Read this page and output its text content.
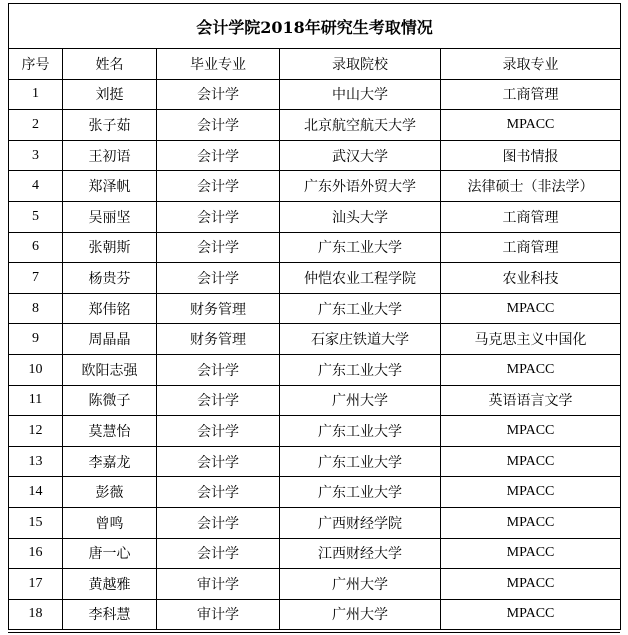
会计学院2018年研究生考取情况				
序号	姓名	毕业专业	录取院校	录取专业
1	刘挺	会计学	中山大学	工商管理
2	张子茹	会计学	北京航空航天大学	MPACC
3	王初语	会计学	武汉大学	图书情报
4	郑泽帆	会计学	广东外语外贸大学	法律硕士（非法学）
5	吴丽坚	会计学	汕头大学	工商管理
6	张朝斯	会计学	广东工业大学	工商管理
7	杨贵芬	会计学	仲恺农业工程学院	农业科技
8	郑伟铭	财务管理	广东工业大学	MPACC
9	周晶晶	财务管理	石家庄铁道大学	马克思主义中国化
10	欧阳志强	会计学	广东工业大学	MPACC
11	陈微子	会计学	广州大学	英语语言文学
12	莫慧怡	会计学	广东工业大学	MPACC
13	李嘉龙	会计学	广东工业大学	MPACC
14	彭薇	会计学	广东工业大学	MPACC
15	曾鸣	会计学	广西财经学院	MPACC
16	唐一心	会计学	江西财经大学	MPACC
17	黄越雅	审计学	广州大学	MPACC
18	李科慧	审计学	广州大学	MPACC
